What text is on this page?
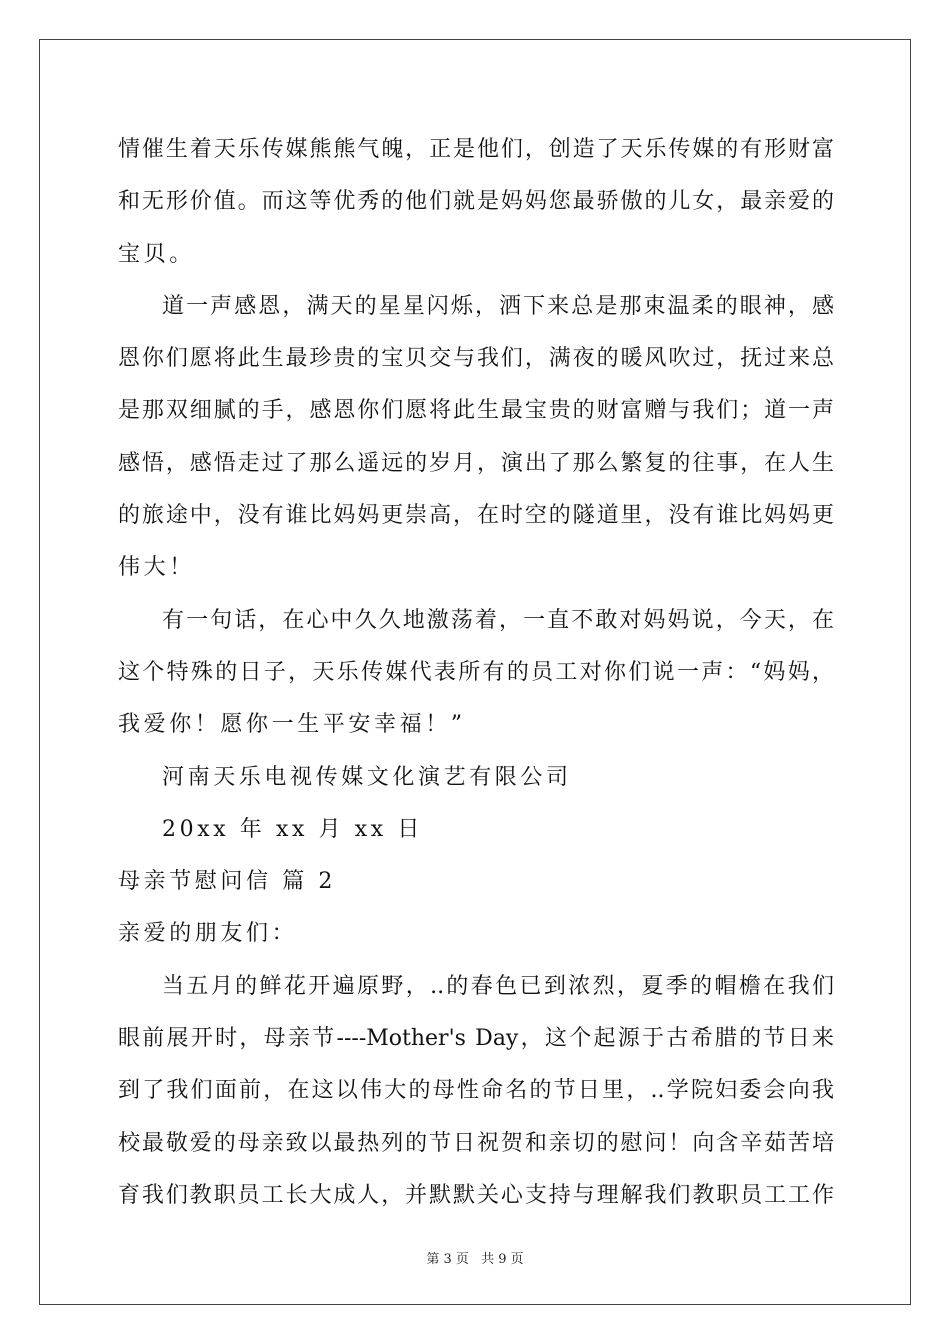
情催生着天乐传媒熊熊气魄，正是他们，创造了天乐传媒的有形财富
和无形价值。而这等优秀的他们就是妈妈您最骄傲的儿女，最亲爱的
宝贝。
道一声感恩，满天的星星闪烁，洒下来总是那束温柔的眼神，感
恩你们愿将此生最珍贵的宝贝交与我们，满夜的暖风吹过，抚过来总
是那双细腻的手，感恩你们愿将此生最宝贵的财富赠与我们；道一声
感悟，感悟走过了那么遥远的岁月，演出了那么繁复的往事，在人生
的旅途中，没有谁比妈妈更崇高，在时空的隧道里，没有谁比妈妈更
伟大！
有一句话，在心中久久地激荡着，一直不敢对妈妈说，今天，在
这个特殊的日子，天乐传媒代表所有的员工对你们说一声：“妈妈，
我爱你！愿你一生平安幸福！”
河南天乐电视传媒文化演艺有限公司
20xx 年 xx 月 xx 日
母亲节慰问信 篇 2
亲爱的朋友们：
当五月的鲜花开遍原野，..的春色已到浓烈，夏季的帽檐在我们
眼前展开时，母亲节----Mother's Day，这个起源于古希腊的节日来
到了我们面前，在这以伟大的母性命名的节日里，..学院妇委会向我
校最敬爱的母亲致以最热列的节日祝贺和亲切的慰问！向含辛茹苦培
育我们教职员工长大成人，并默默关心支持与理解我们教职员工工作
第 3 页 共 9 页
